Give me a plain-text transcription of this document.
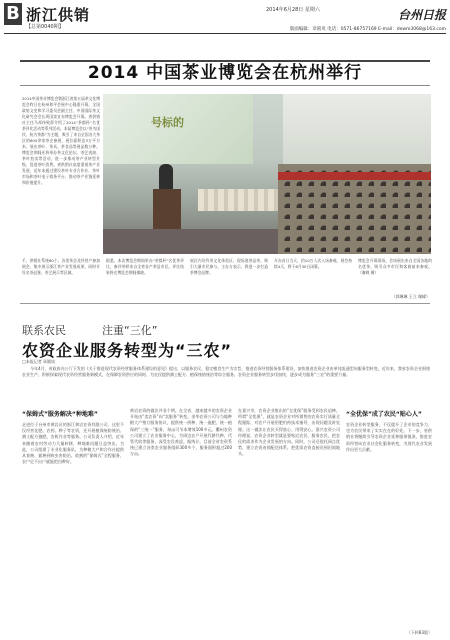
B 浙江供销
【总第0040期】
2014年6月28日 星期六	台州日报
版面编辑：章圆岚 电话：0571-86757169 E-mail：dewm3068@163.com
2014 中国茶业博览会在杭州举行
2014中国茶业博览会暨浙江省第五届茶文化博览会昨日在杭州和平会展中心隆重开幕。全国政协文史和学习委员会副主任、中国国际茶文化研究会会长周国富宣布博览会开幕。省供销社主任马邦伟致辞介绍了2014“茶都杯”名优茶评比活动等系列活动。本届博览会以“茶为国饮、杭为茶都”为主题，吸引了来自全国各大茶区的600余家茶企参展，展位面积达3万平方米，展出茶叶、茶具、茶食品等展品数万种。博览会期间还将举办茶文化论坛、茶艺表演、茶叶拍卖等活动，进一步推动茶产业转型升级，促进茶叶消费。省供销社高度重视茶产业发展，近年来通过建设茶叶专业合作社、茶叶市场和茶叶电子商务平台，推动茶产业链延伸和价值提升。
号标的
千，供销社系统60个，各类茶企及经营户参加展会，集中展示浙江茶产业发展成果，同时开设名茶品鉴、茶艺展示等区域。
据悉，本次博览会期间举办“茶都杯”名优茶评比，参评茶样来自全省各产茶县市区。评比结果将在博览会期间揭晓。
展区内设有茶文化体验区，现场泡茶品茶，吸引大量市民参与。主办方表示，将进一步打造茶博会品牌。
开办首日当天，约10万人次入场参观。展会持续4天，将于6月30日闭幕。
博览会开幕现场。会场展出来自全国各地的名优茶，吸引众多市民和客商前来参观。（谢嵘 摄）
（郭琳琳 王立 谢嵘）
联系农民	注重“三化”
农资企业服务转型为“三农”
□本报记者 章圆岚
今年4月，省政府办公厅下发的《关于推进现代农资经营服务体系建设的意见》提出，以服务农民、稳定粮食生产为宗旨，推进农资经营服务体系建设，加快推进农资企业由单纯流通型向服务型转变。近年来，我省农资企业围绕农业生产，积极探索现代农资经营服务新模式，在保障农资供应的同时，为农民提供测土配方、植保统防统治等综合服务，农资企业服务转型步伐加快，逐步成为服务“三农”的重要力量。
“保姆式”服务解决“种地难”
走进位于台州市黄岩区的浙江黄岩农资有限公司，这里不仅经营化肥、农药、种子等农资，还开展植保统防统治、测土配方施肥、农机作业等服务。公司负责人介绍，近年来随着农村劳动力大量转移，种地难问题日益突出。为此，公司组建了专业化服务队，为种粮大户和合作社提供从育秧、插秧到病虫害防治、收割的“保姆式”全程服务，农户足不出户就能把田种好。
黄岩农资的做法并非个例。在全省，越来越多的农资企业开始由“卖农资”向“卖服务”转变。金华农资公司与当地种粮大户签订服务协议，提供统一供种、统一施肥、统一植保的“三统一”服务，每亩可节本增效100多元。衢州农资公司建立了农业服务中心，为周边农户开展代耕代种、代管代收等服务，深受农民欢迎。据统计，目前全省农资系统已建立各类农业服务组织300多个，服务面积超过200万亩。
在嘉兴市，农资企业推出的“全优保”服务受到农民追捧。所谓“全优保”，就是农资企业对所销售的农资实行质量全程跟踪，对农户开展用肥用药技术指导，出现问题及时处理。这一做法让农民买得放心、用得安心。嘉兴农资公司经理说，农资企业转型就是要贴近农民、服务农民，把农民的需求作为企业发展的方向。同时，公司还依托网点优势，建立农资连锁配送体系，把优质农资直接送到田间地头。
“全优保”成了农民“贴心人”
农资企业转型服务，不仅提升了企业的竞争力，也为农民带来了实实在在的好处。下一步，省供销社将继续引导农资企业延伸服务链条，推进农资经营向农业社会化服务转变，为现代农业发展作出更大贡献。
（下转B3版）
